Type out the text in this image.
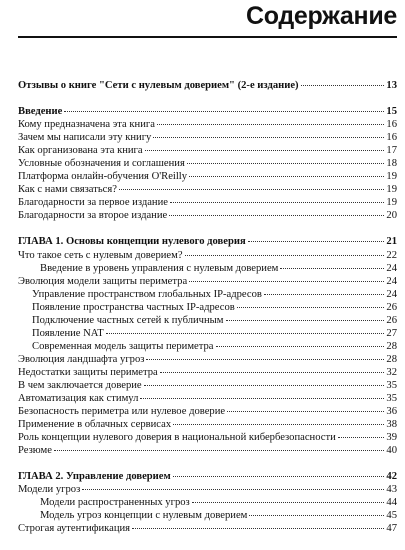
Содержание
Отзывы о книге "Сети с нулевым доверием" (2-е издание)	13
Введение	15
Кому предназначена эта книга	16
Зачем мы написали эту книгу	16
Как организована эта книга	17
Условные обозначения и соглашения	18
Платформа онлайн-обучения O'Reilly	19
Как с нами связаться?	19
Благодарности за первое издание	19
Благодарности за второе издание	20
ГЛАВА 1. Основы концепции нулевого доверия	21
Что такое сеть с нулевым доверием?	22
Введение в уровень управления с нулевым доверием	24
Эволюция модели защиты периметра	24
Управление пространством глобальных IP-адресов	24
Появление пространства частных IP-адресов	26
Подключение частных сетей к публичным	26
Появление NAT	27
Современная модель защиты периметра	28
Эволюция ландшафта угроз	28
Недостатки защиты периметра	32
В чем заключается доверие	35
Автоматизация как стимул	35
Безопасность периметра или нулевое доверие	36
Применение в облачных сервисах	38
Роль концепции нулевого доверия в национальной кибербезопасности	39
Резюме	40
ГЛАВА 2. Управление доверием	42
Модели угроз	43
Модели распространенных угроз	44
Модель угроз концепции с нулевым доверием	45
Строгая аутентификация	47
